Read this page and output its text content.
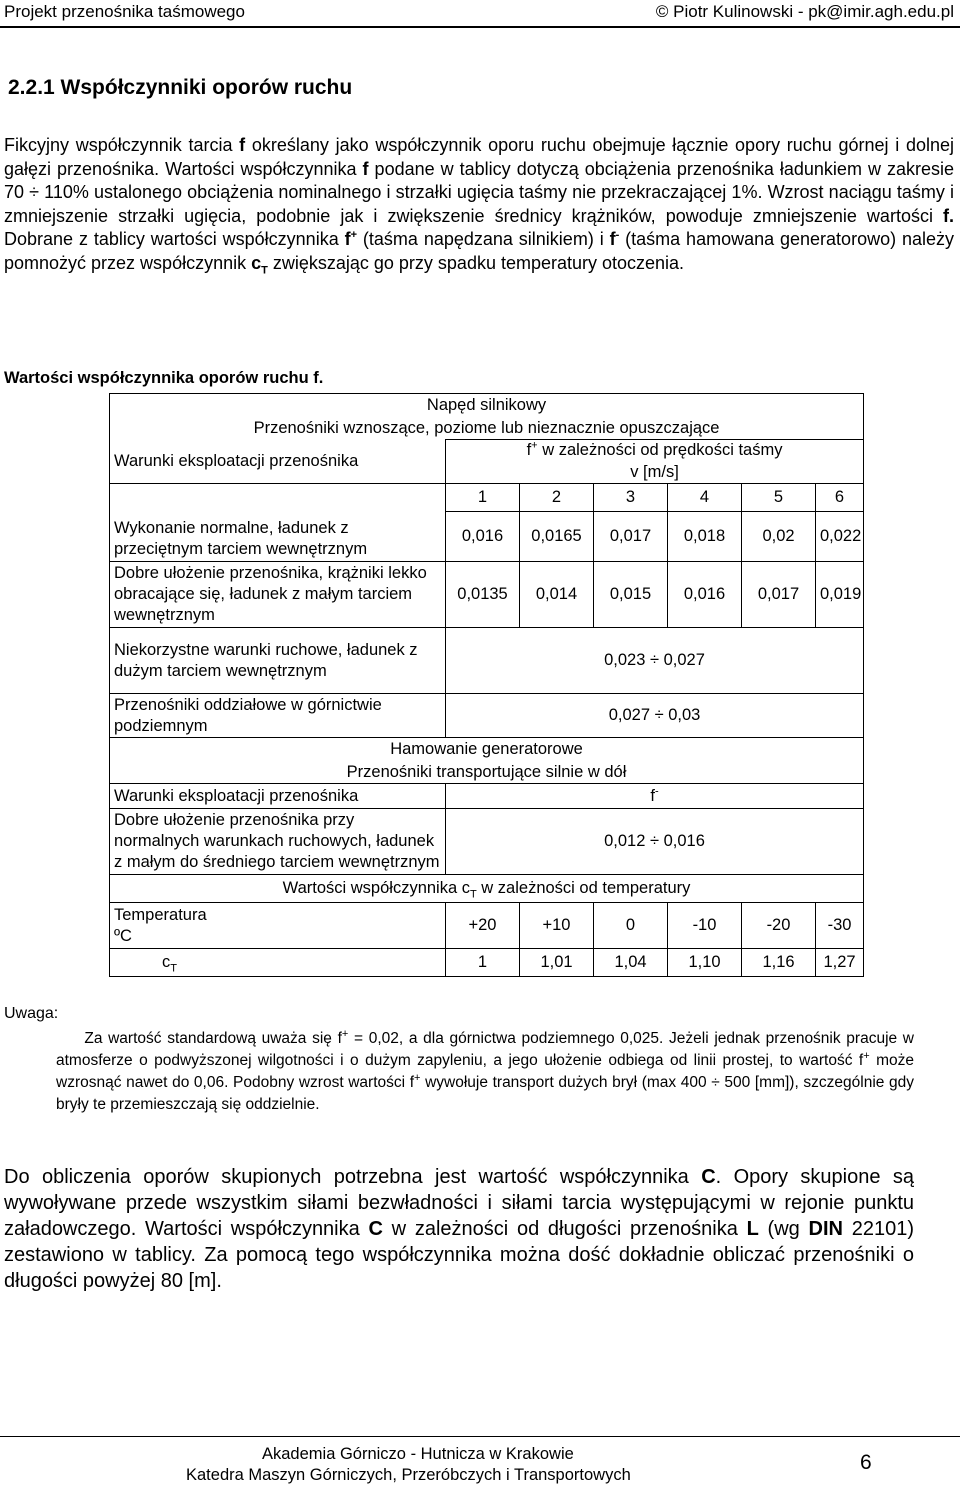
Projekt przenośnika taśmowego	© Piotr Kulinowski - pk@imir.agh.edu.pl
2.2.1 Współczynniki oporów ruchu
Fikcyjny współczynnik tarcia f określany jako współczynnik oporu ruchu obejmuje łącznie opory ruchu górnej i dolnej gałęzi przenośnika. Wartości współczynnika f podane w tablicy dotyczą obciążenia przenośnika ładunkiem w zakresie 70 ÷ 110% ustalonego obciążenia nominalnego i strzałki ugięcia taśmy nie przekraczającej 1%. Wzrost naciągu taśmy i zmniejszenie strzałki ugięcia, podobnie jak i zwiększenie średnicy krążników, powoduje zmniejszenie wartości f. Dobrane z tablicy wartości współczynnika f+ (taśma napędzana silnikiem) i f- (taśma hamowana generatorowo) należy pomnożyć przez współczynnik $c_T$ zwiększając go przy spadku temperatury otoczenia.
Wartości współczynnika oporów ruchu f.
Napęd silnikowy						
Przenośniki wznoszące, poziome lub nieznacznie opuszczające						
Warunki eksploatacji przenośnika	f+ w zależności od prędkości taśmy					
	v [m/s]					
	1	2	3	4	5	6
Wykonanie normalne, ładunek z przeciętnym tarciem wewnętrznym	0,016	0,0165	0,017	0,018	0,02	0,022
Dobre ułożenie przenośnika, krążniki lekko obracające się, ładunek z małym tarciem wewnętrznym	0,0135	0,014	0,015	0,016	0,017	0,019
Niekorzystne warunki ruchowe, ładunek z dużym tarciem wewnętrznym	0,023 ÷ 0,027					
Przenośniki oddziałowe w górnictwie podziemnym	0,027 ÷ 0,03					
Hamowanie generatorowe						
Przenośniki transportujące silnie w dół						
Warunki eksploatacji przenośnika	f-
Dobre ułożenie przenośnika przy normalnych warunkach ruchowych, ładunek z małym do średniego tarciem wewnętrznym	0,012 ÷ 0,016					
Wartości współczynnika $c_T$ w zależności od temperatury						
Temperatura ºC	+20	+10	0	-10	-20	-30
$c_T$	1	1,01	1,04	1,10	1,16	1,27
Uwaga:
Za wartość standardową uważa się f+ = 0,02, a dla górnictwa podziemnego 0,025. Jeżeli jednak przenośnik pracuje w atmosferze o podwyższonej wilgotności i o dużym zapyleniu, a jego ułożenie odbiega od linii prostej, to wartość f+ może wzrosnąć nawet do 0,06. Podobny wzrost wartości f+ wywołuje transport dużych brył (max 400 ÷ 500 [mm]), szczególnie gdy bryły te przemieszczają się oddzielnie.
Do obliczenia oporów skupionych potrzebna jest wartość współczynnika C. Opory skupione są wywoływane przede wszystkim siłami bezwładności i siłami tarcia występującymi w rejonie punktu załadowczego. Wartości współczynnika C w zależności od długości przenośnika L (wg DIN 22101) zestawiono w tablicy. Za pomocą tego współczynnika można dość dokładnie obliczać przenośniki o długości powyżej 80 [m].
Akademia Górniczo - Hutnicza w Krakowie
Katedra Maszyn Górniczych, Przeróbczych i Transportowych
6
